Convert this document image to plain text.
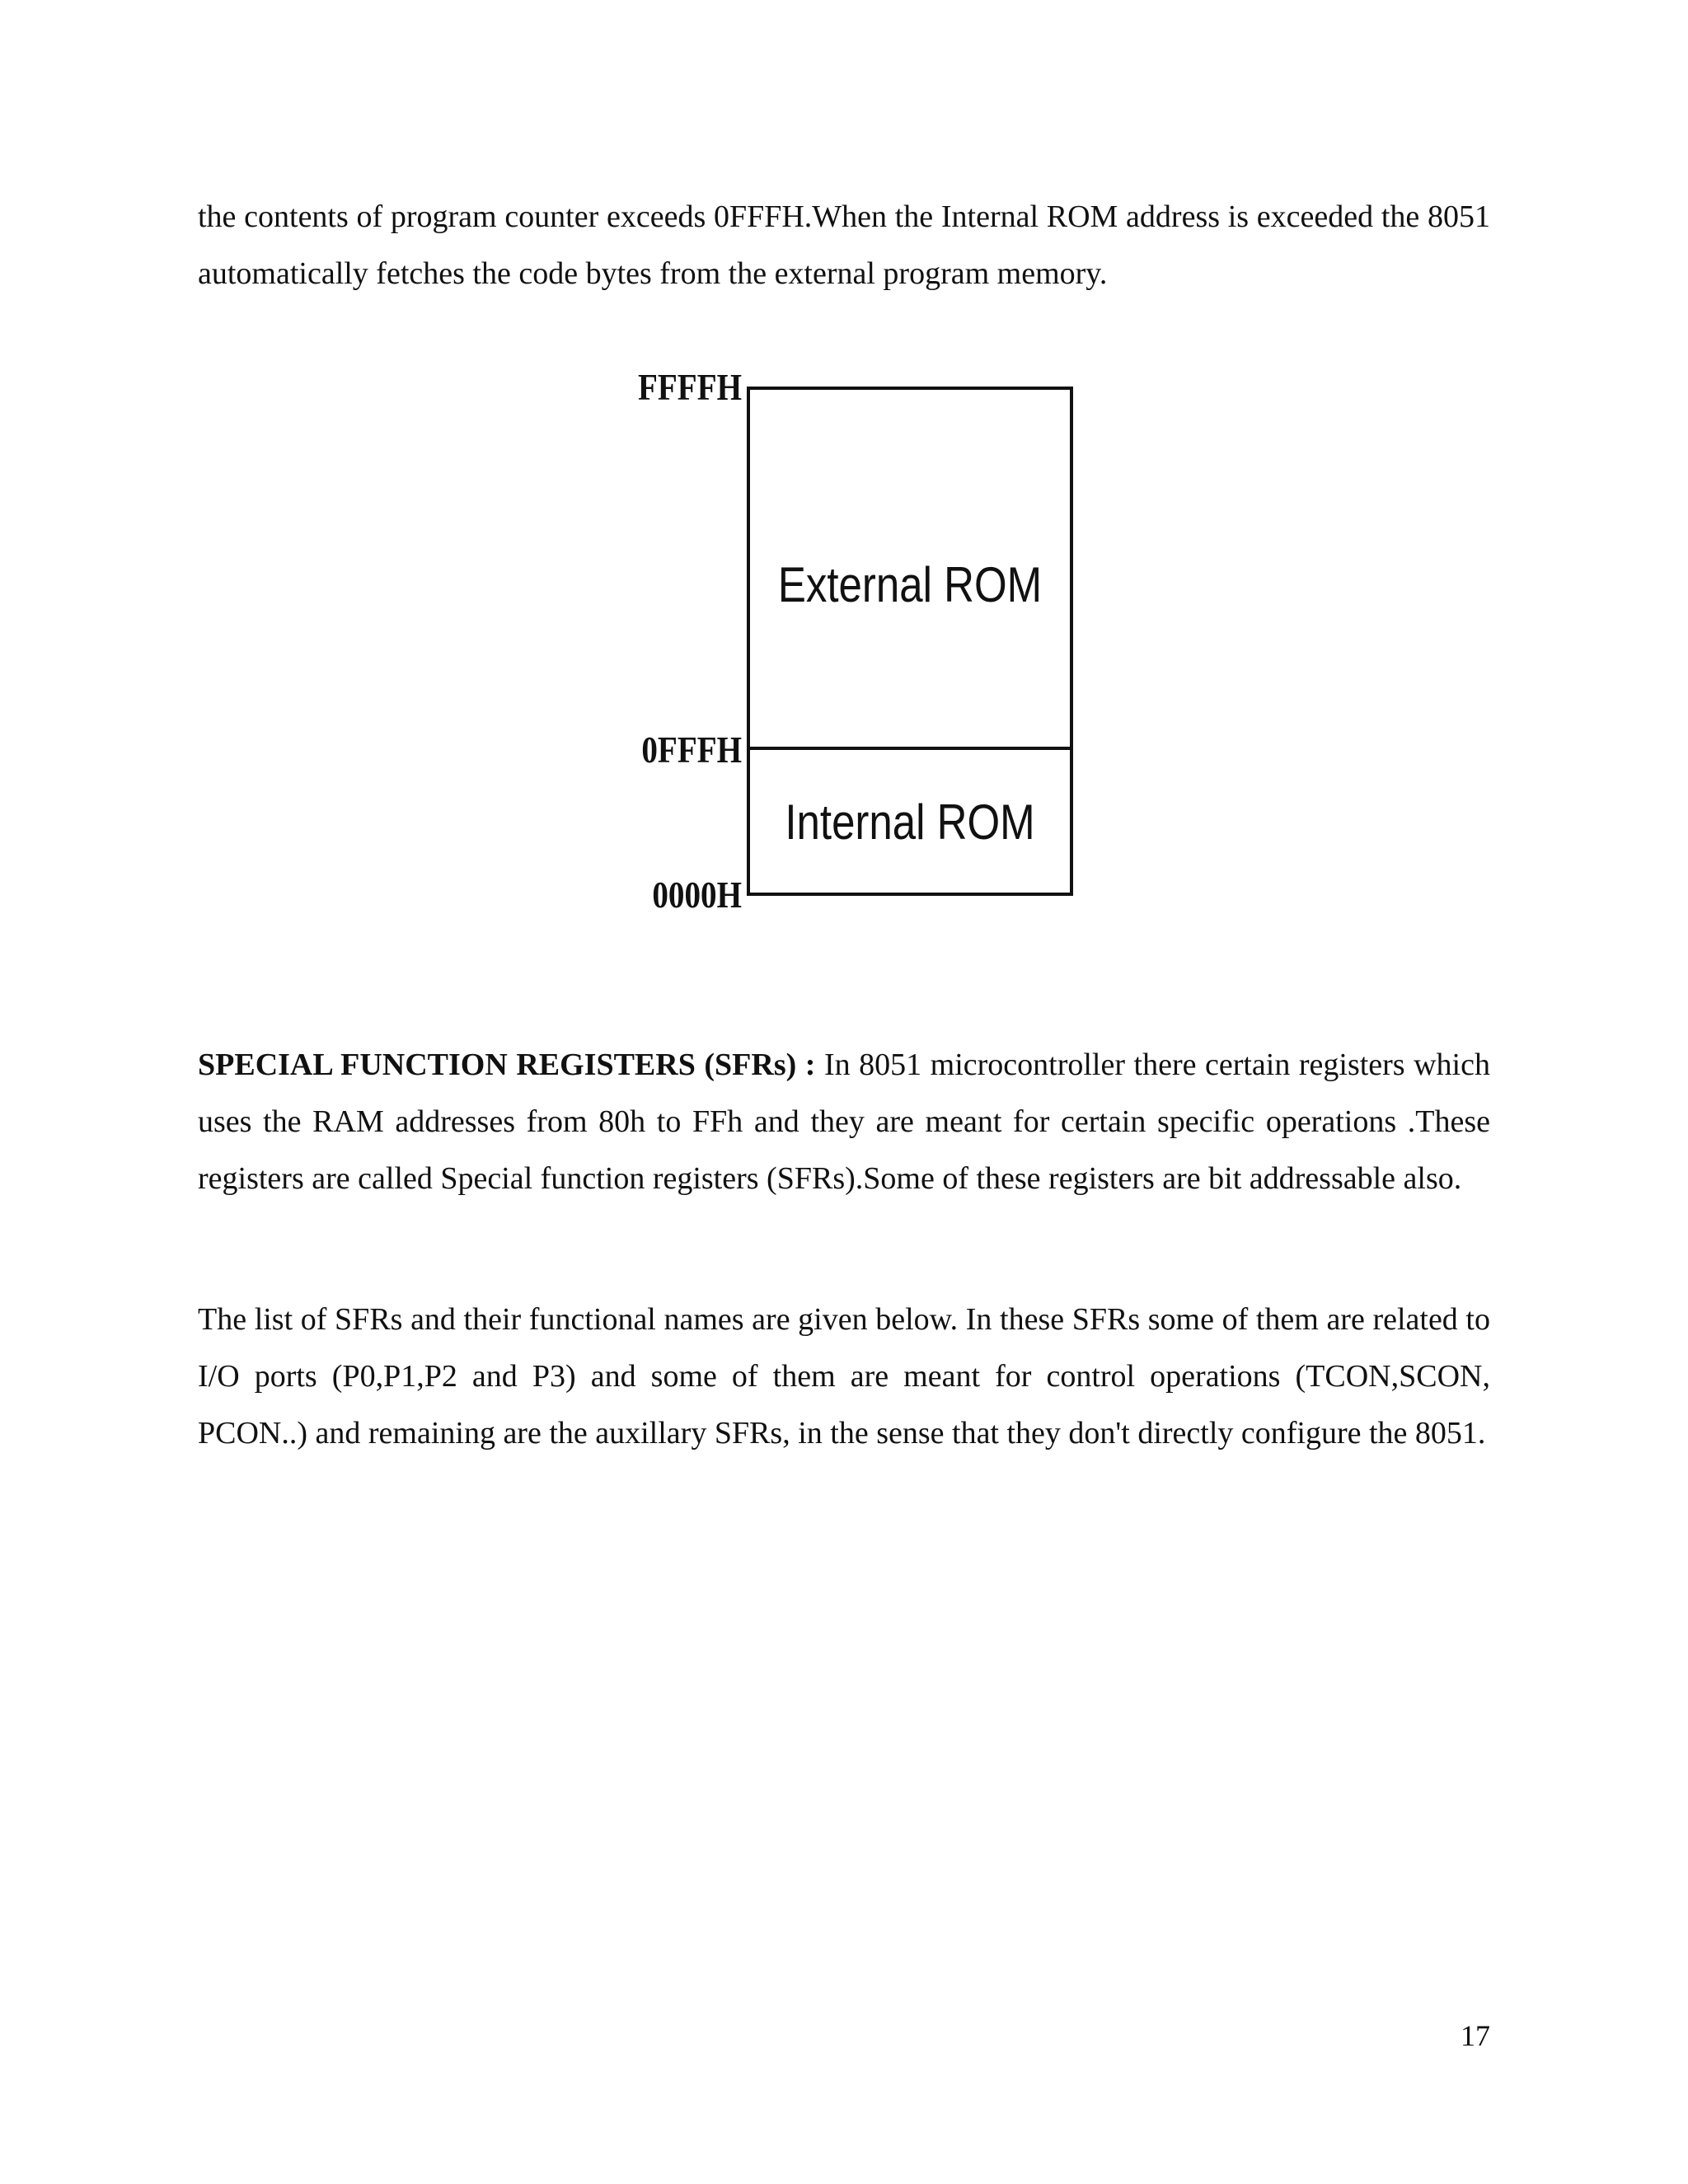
the contents of program counter exceeds 0FFFH.When the Internal ROM address is exceeded the 8051 automatically fetches the code bytes from the external program memory.

FFFFH
0FFFH
0000H
External ROM
Internal ROM

SPECIAL FUNCTION REGISTERS (SFRs) : In 8051 microcontroller there certain registers which uses the RAM addresses from 80h to FFh and they are meant for certain specific operations .These registers are called Special function registers (SFRs).Some of these registers are bit addressable also.

The list of SFRs and their functional names are given below. In these SFRs some of them are related to I/O ports (P0,P1,P2 and P3) and some of them are meant for control operations (TCON,SCON, PCON..) and remaining are the auxillary SFRs, in the sense that they don't directly configure the 8051.

17
